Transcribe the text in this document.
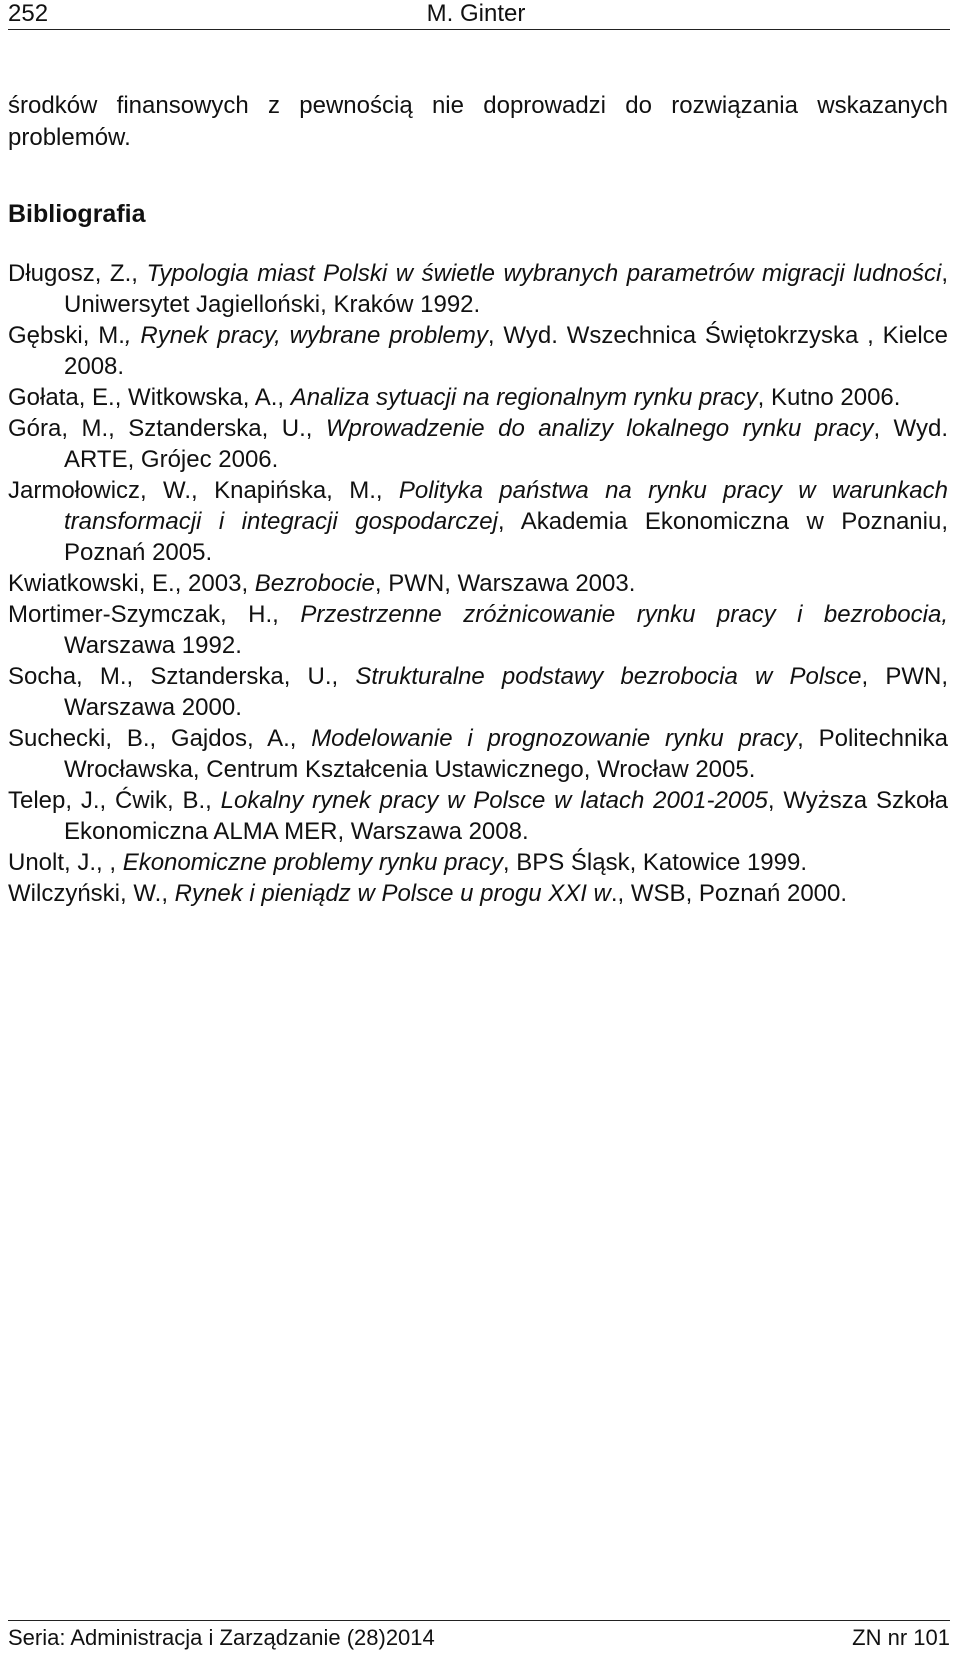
252	M. Ginter

środków finansowych z pewnością nie doprowadzi do rozwiązania wskazanych problemów.

Bibliografia
Długosz, Z., Typologia miast Polski w świetle wybranych parametrów migracji ludności, Uniwersytet Jagielloński, Kraków 1992.
Gębski, M., Rynek pracy, wybrane problemy, Wyd. Wszechnica Świętokrzyska , Kielce 2008.
Gołata, E., Witkowska, A., Analiza sytuacji na regionalnym rynku pracy, Kutno 2006.
Góra, M., Sztanderska, U., Wprowadzenie do analizy lokalnego rynku pracy, Wyd. ARTE, Grójec 2006.
Jarmołowicz, W., Knapińska, M., Polityka państwa na rynku pracy w warunkach transformacji i integracji gospodarczej, Akademia Ekonomiczna w Poznaniu, Poznań 2005.
Kwiatkowski, E., 2003, Bezrobocie, PWN, Warszawa 2003.
Mortimer-Szymczak, H., Przestrzenne zróżnicowanie rynku pracy i bezrobocia, Warszawa 1992.
Socha, M., Sztanderska, U., Strukturalne podstawy bezrobocia w Polsce, PWN, Warszawa 2000.
Suchecki, B., Gajdos, A., Modelowanie i prognozowanie rynku pracy, Politechnika Wrocławska, Centrum Kształcenia Ustawicznego, Wrocław 2005.
Telep, J., Ćwik, B., Lokalny rynek pracy w Polsce w latach 2001-2005, Wyższa Szkoła Ekonomiczna ALMA MER, Warszawa 2008.
Unolt, J., , Ekonomiczne problemy rynku pracy, BPS Śląsk, Katowice 1999.
Wilczyński, W., Rynek i pieniądz w Polsce u progu XXI w., WSB, Poznań 2000.
Seria: Administracja i Zarządzanie (28)2014	ZN nr 101
